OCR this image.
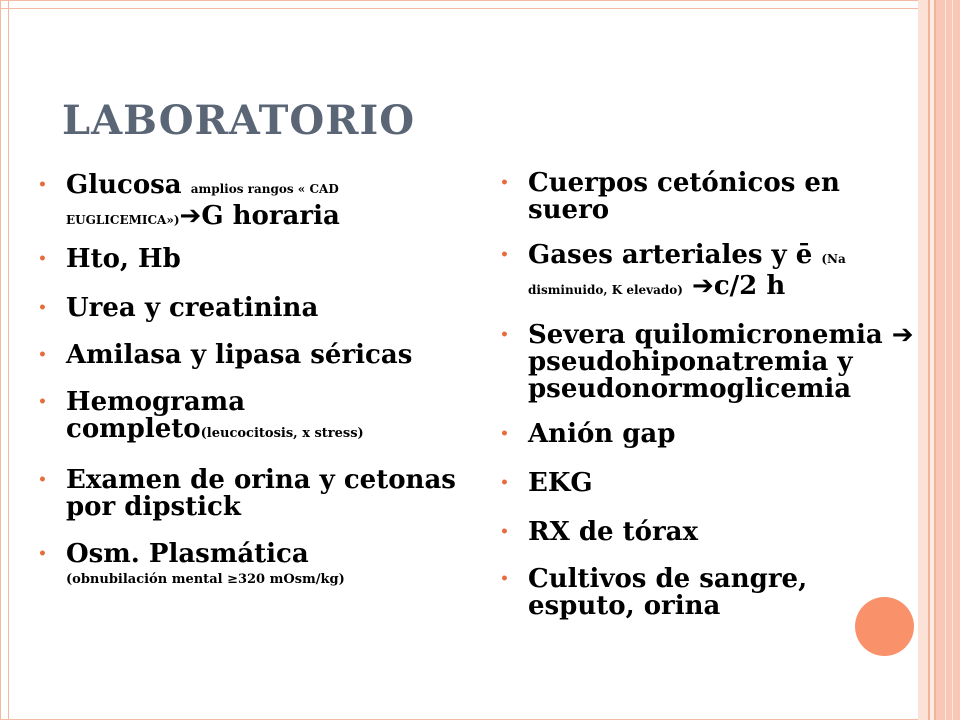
LABORATORIO
• Glucosa amplios rangos « CAD EUGLICEMICA»)➔G horaria
• Hto, Hb
• Urea y creatinina
• Amilasa y lipasa séricas
• Hemograma completo(leucocitosis, x stress)
• Examen de orina y cetonas por dipstick
• Osm. Plasmática
$^{(obnubilación mental \ge 320 mOsm/kg)}$
• Cuerpos cetónicos en suero
• Gases arteriales y ē (Na disminuido, K elevado) ➔c/2 h
• Severa quilomicronemia ➔ pseudohiponatremia y pseudonormoglicemia
• Anión gap
• EKG
• RX de tórax
• Cultivos de sangre, esputo, orina
